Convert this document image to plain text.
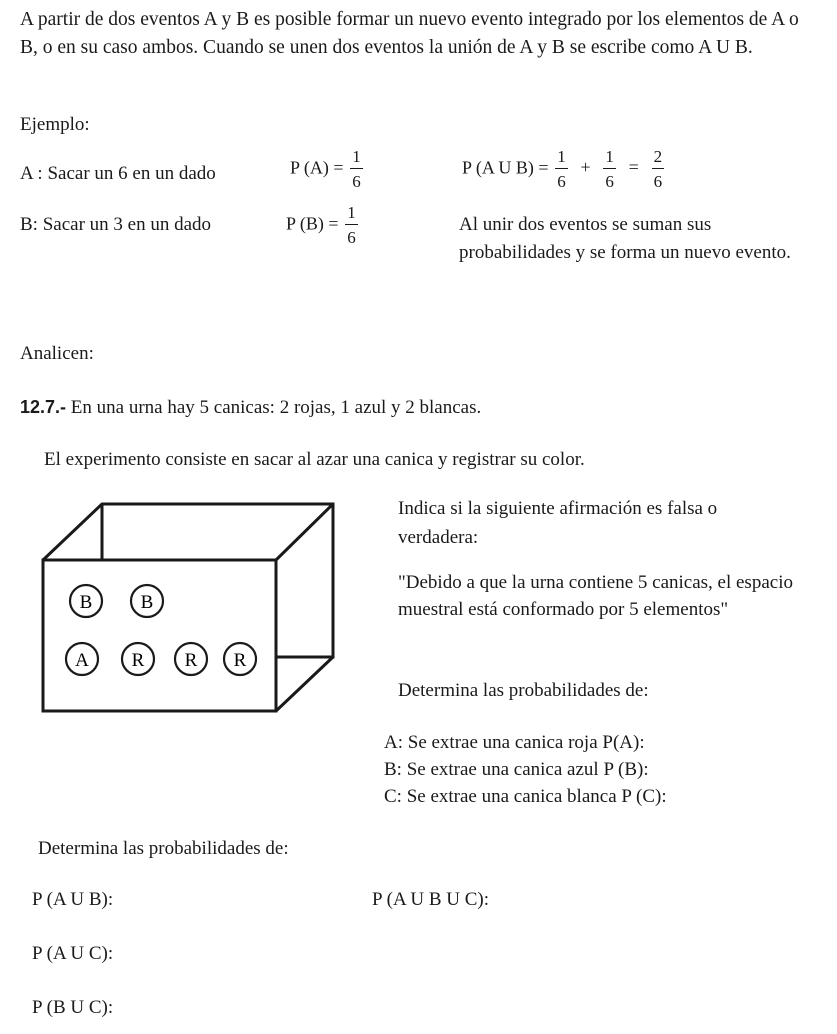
A partir de dos eventos A y B es posible formar un nuevo evento integrado por los elementos de A o B, o en su caso ambos. Cuando se unen dos eventos la unión de A y B se escribe como A U B.
Ejemplo:
A : Sacar un 6 en un dado	P $(A) = \frac{1}{6}$	P (A U $B) = \frac{1}{6} + \frac{1}{6} = \frac{2}{6}$
B: Sacar un 3 en un dado	P $(B) = \frac{1}{6}$	Al unir dos eventos se suman sus probabilidades y se forma un nuevo evento.
Analicen:
12.7.- En una urna hay 5 canicas: 2 rojas, 1 azul y 2 blancas.
El experimento consiste en sacar al azar una canica y registrar su color.
B	B
A R R R
Indica si la siguiente afirmación es falsa o verdadera:
"Debido a que la urna contiene 5 canicas, el espacio muestral está conformado por 5 elementos"
Determina las probabilidades de:
A: Se extrae una canica roja P(A):
B: Se extrae una canica azul P (B):
C: Se extrae una canica blanca P (C):
Determina las probabilidades de:
P (A U B):	P (A U B U C):
P (A U C):
P (B U C):
